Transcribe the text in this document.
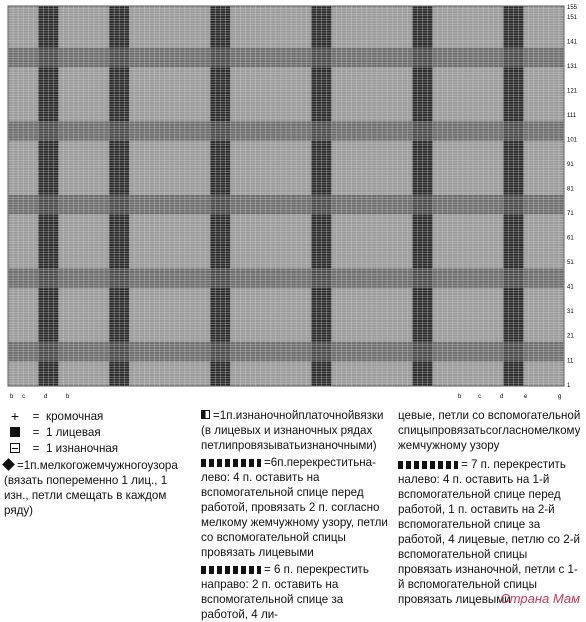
1
11
21
31
41
51
61
71
81
91
101
111
121
131
141
151
155
b c	d	b	b	c	d	e	g
+	= кромочная
= 1 лицевая
= 1 изнаночная
=1п.мелкогожемчужногоузора (вязать попеременно 1 лиц., 1 изн., петли смещать в каждом ряду)
=1п.изнаночнойплаточнойвязки (в лицевых и изнаночных рядах петлипровязыватьизнаночными)
=6п.перекреститьна-лево: 4 п. оставить на вспомогательной спице перед работой, провязать 2 п. согласно мелкому жемчужному узору, петли со вспомогательной спицы провязать лицевыми
= 6 п. перекрестить направо: 2 п. оставить на вспомогательной спице за работой, 4 ли-
цевые, петли со вспомогательной спицыпровязатьсогласномелкому жемчужному узору
= 7 п. перекрестить налево: 4 п. оставить на 1-й вспомогательной спице перед работой, 1 п. оставить на 2-й вспомогательной спице за работой, 4 лицевые, петлю со 2-й вспомогательной спицы провязать изнаночной, петли с 1-й вспомогательной спицы провязать лицевыми
Страна Мам
